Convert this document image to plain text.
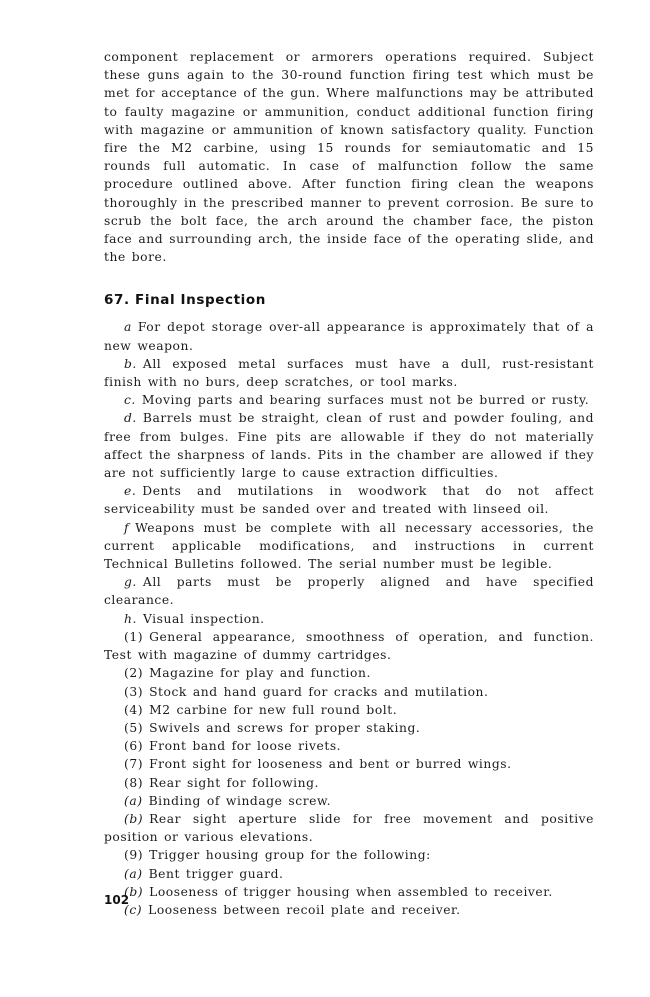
component replacement or armorers operations required. Subject these guns again to the 30-round function firing test which must be met for acceptance of the gun. Where malfunctions may be attributed to faulty magazine or ammunition, conduct additional function firing with magazine or ammunition of known satisfactory quality. Function fire the M2 carbine, using 15 rounds for semiautomatic and 15 rounds full automatic. In case of malfunction follow the same procedure outlined above. After function firing clean the weapons thoroughly in the prescribed manner to prevent corrosion. Be sure to scrub the bolt face, the arch around the chamber face, the piston face and surrounding arch, the inside face of the operating slide, and the bore.

67. Final Inspection

a For depot storage over-all appearance is approximately that of a new weapon.

b. All exposed metal surfaces must have a dull, rust-resistant finish with no burs, deep scratches, or tool marks.

c. Moving parts and bearing surfaces must not be burred or rusty.

d. Barrels must be straight, clean of rust and powder fouling, and free from bulges. Fine pits are allowable if they do not materially affect the sharpness of lands. Pits in the chamber are allowed if they are not sufficiently large to cause extraction difficulties.

e. Dents and mutilations in woodwork that do not affect serviceability must be sanded over and treated with linseed oil.

f Weapons must be complete with all necessary accessories, the current applicable modifications, and instructions in current Technical Bulletins followed. The serial number must be legible.

g. All parts must be properly aligned and have specified clearance.

h. Visual inspection.

(1) General appearance, smoothness of operation, and function. Test with magazine of dummy cartridges.

(2) Magazine for play and function.

(3) Stock and hand guard for cracks and mutilation.

(4) M2 carbine for new full round bolt.

(5) Swivels and screws for proper staking.

(6) Front band for loose rivets.

(7) Front sight for looseness and bent or burred wings.

(8) Rear sight for following.

(a) Binding of windage screw.

(b) Rear sight aperture slide for free movement and positive position or various elevations.

(9) Trigger housing group for the following:

(a) Bent trigger guard.

(b) Looseness of trigger housing when assembled to receiver.

(c) Looseness between recoil plate and receiver.

102
